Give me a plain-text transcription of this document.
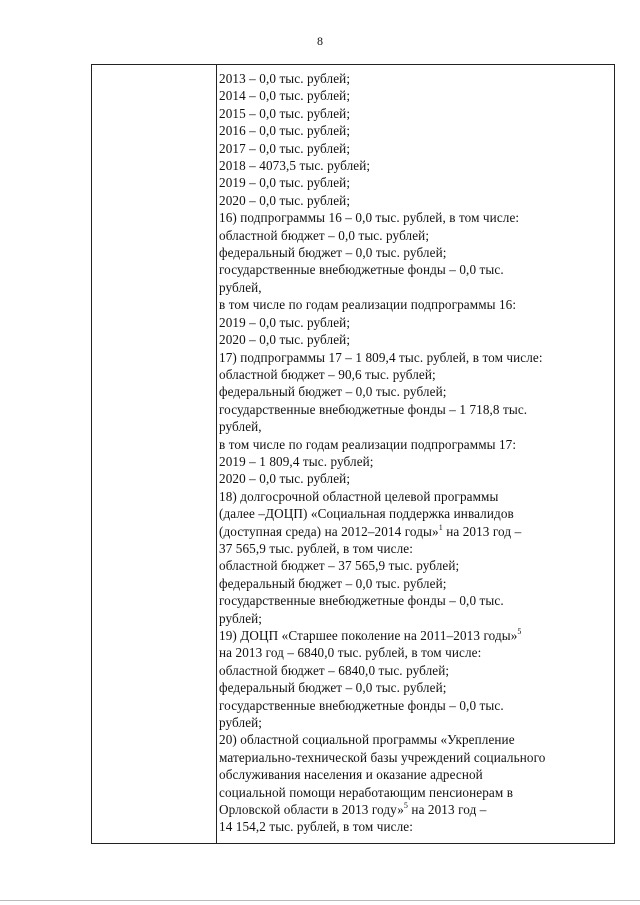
8
2013 – 0,0 тыс. рублей;
2014 – 0,0 тыс. рублей;
2015 – 0,0 тыс. рублей;
2016 – 0,0 тыс. рублей;
2017 – 0,0 тыс. рублей;
2018 – 4073,5 тыс. рублей;
2019 – 0,0 тыс. рублей;
2020 – 0,0 тыс. рублей;
16) подпрограммы 16 – 0,0 тыс. рублей, в том числе:
областной бюджет – 0,0 тыс. рублей;
федеральный бюджет – 0,0 тыс. рублей;
государственные внебюджетные фонды – 0,0 тыс.
рублей,
в том числе по годам реализации подпрограммы 16:
2019 – 0,0 тыс. рублей;
2020 – 0,0 тыс. рублей;
17) подпрограммы 17 – 1 809,4 тыс. рублей, в том числе:
областной бюджет – 90,6 тыс. рублей;
федеральный бюджет – 0,0 тыс. рублей;
государственные внебюджетные фонды – 1 718,8 тыс.
рублей,
в том числе по годам реализации подпрограммы 17:
2019 – 1 809,4 тыс. рублей;
2020 – 0,0 тыс. рублей;
18) долгосрочной областной целевой программы
(далее –ДОЦП) «Социальная поддержка инвалидов
(доступная среда) на 2012–2014 годы»$^1$ на 2013 год –
37 565,9 тыс. рублей, в том числе:
областной бюджет – 37 565,9 тыс. рублей;
федеральный бюджет – 0,0 тыс. рублей;
государственные внебюджетные фонды – 0,0 тыс.
рублей;
19) ДОЦП «Старшее поколение на 2011–2013 годы»$^5$
на 2013 год – 6840,0 тыс. рублей, в том числе:
областной бюджет – 6840,0 тыс. рублей;
федеральный бюджет – 0,0 тыс. рублей;
государственные внебюджетные фонды – 0,0 тыс.
рублей;
20) областной социальной программы «Укрепление
материально-технической базы учреждений социального
обслуживания населения и оказание адресной
социальной помощи неработающим пенсионерам в
Орловской области в 2013 году»$^5$ на 2013 год –
14 154,2 тыс. рублей, в том числе:
